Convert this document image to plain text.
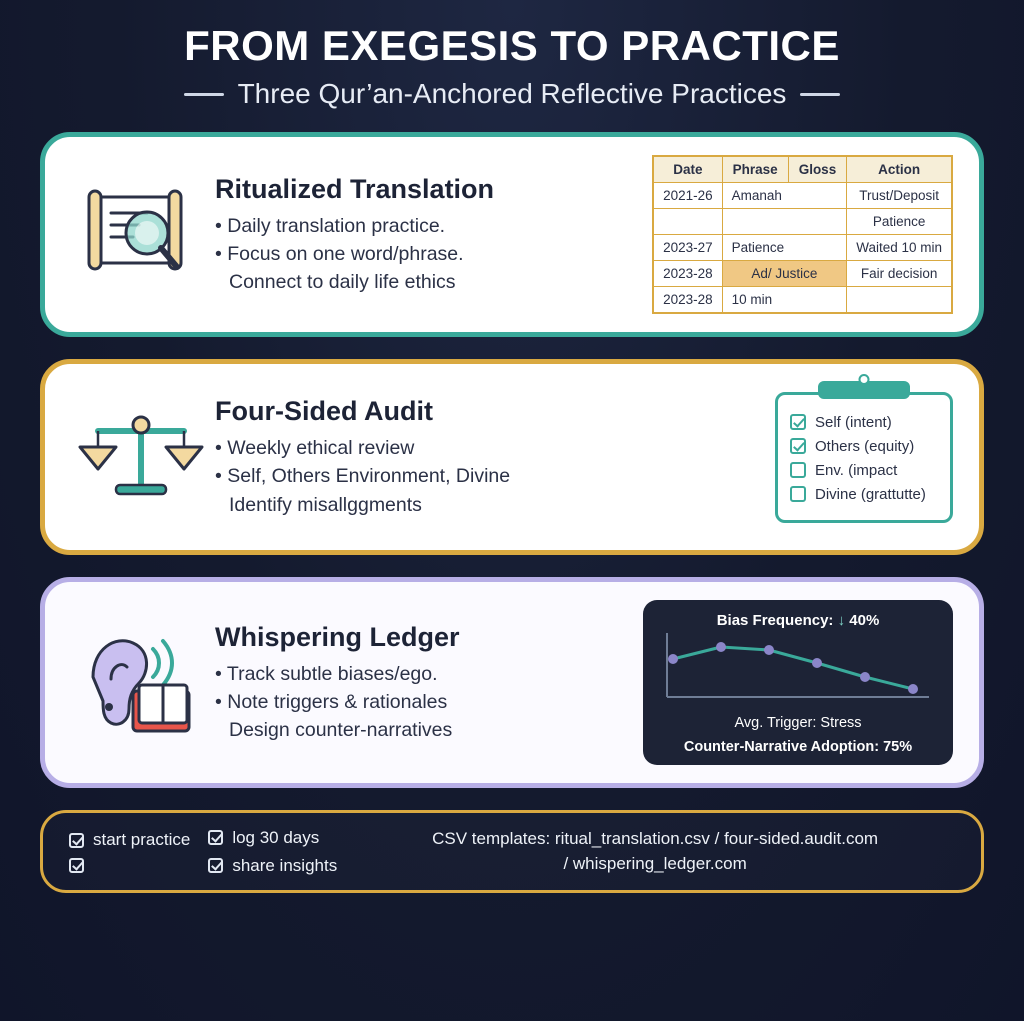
FROM EXEGESIS TO PRACTICE
Three Qur’an-Anchored Reflective Practices
Ritualized Translation
• Daily translation practice.
• Focus on one word/phrase.
Connect to daily life ethics
Date	Phrase	Gloss	Action
2021-26	Amanah		Trust/Deposit
			Patience
2023-27	Patience		Waited 10 min
2023-28	Ad/ Justice		Fair decision
2023-28	10 min		
Four-Sided Audit
• Weekly ethical review
• Self, Others Environment, Divine
Identify misallɡgments
Self (intent)
Others (equity)
Env. (impact
Divine (grattutte)
Whispering Ledger
• Track subtle biases/ego.
• Note triggers & rationales
Design counter-narratives
Bias Frequency: ↓ 40%
Avg. Trigger: Stress
Counter-Narrative Adoption: 75%
start practice log 30 days
share insights
CSV templates: ritual_translation.csv / four-sided.audit.com
/ whispering_ledger.com
